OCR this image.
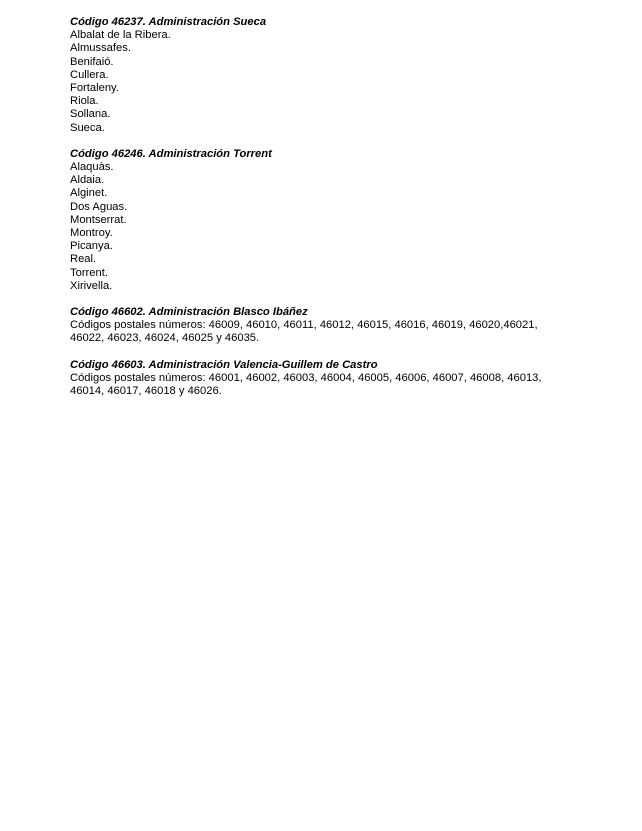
Código 46237. Administración Sueca
Albalat de la Ribera.
Almussafes.
Benifaió.
Cullera.
Fortaleny.
Riola.
Sollana.
Sueca.
Código 46246. Administración Torrent
Alaquàs.
Aldaia.
Alginet.
Dos Aguas.
Montserrat.
Montroy.
Picanya.
Real.
Torrent.
Xirivella.
Código 46602. Administración Blasco Ibáñez
Códigos postales números: 46009, 46010, 46011, 46012, 46015, 46016, 46019, 46020,46021,
46022, 46023, 46024, 46025 y 46035.
Código 46603. Administración Valencia-Guillem de Castro
Códigos postales números: 46001, 46002, 46003, 46004, 46005, 46006, 46007, 46008, 46013,
46014, 46017, 46018 y 46026.
